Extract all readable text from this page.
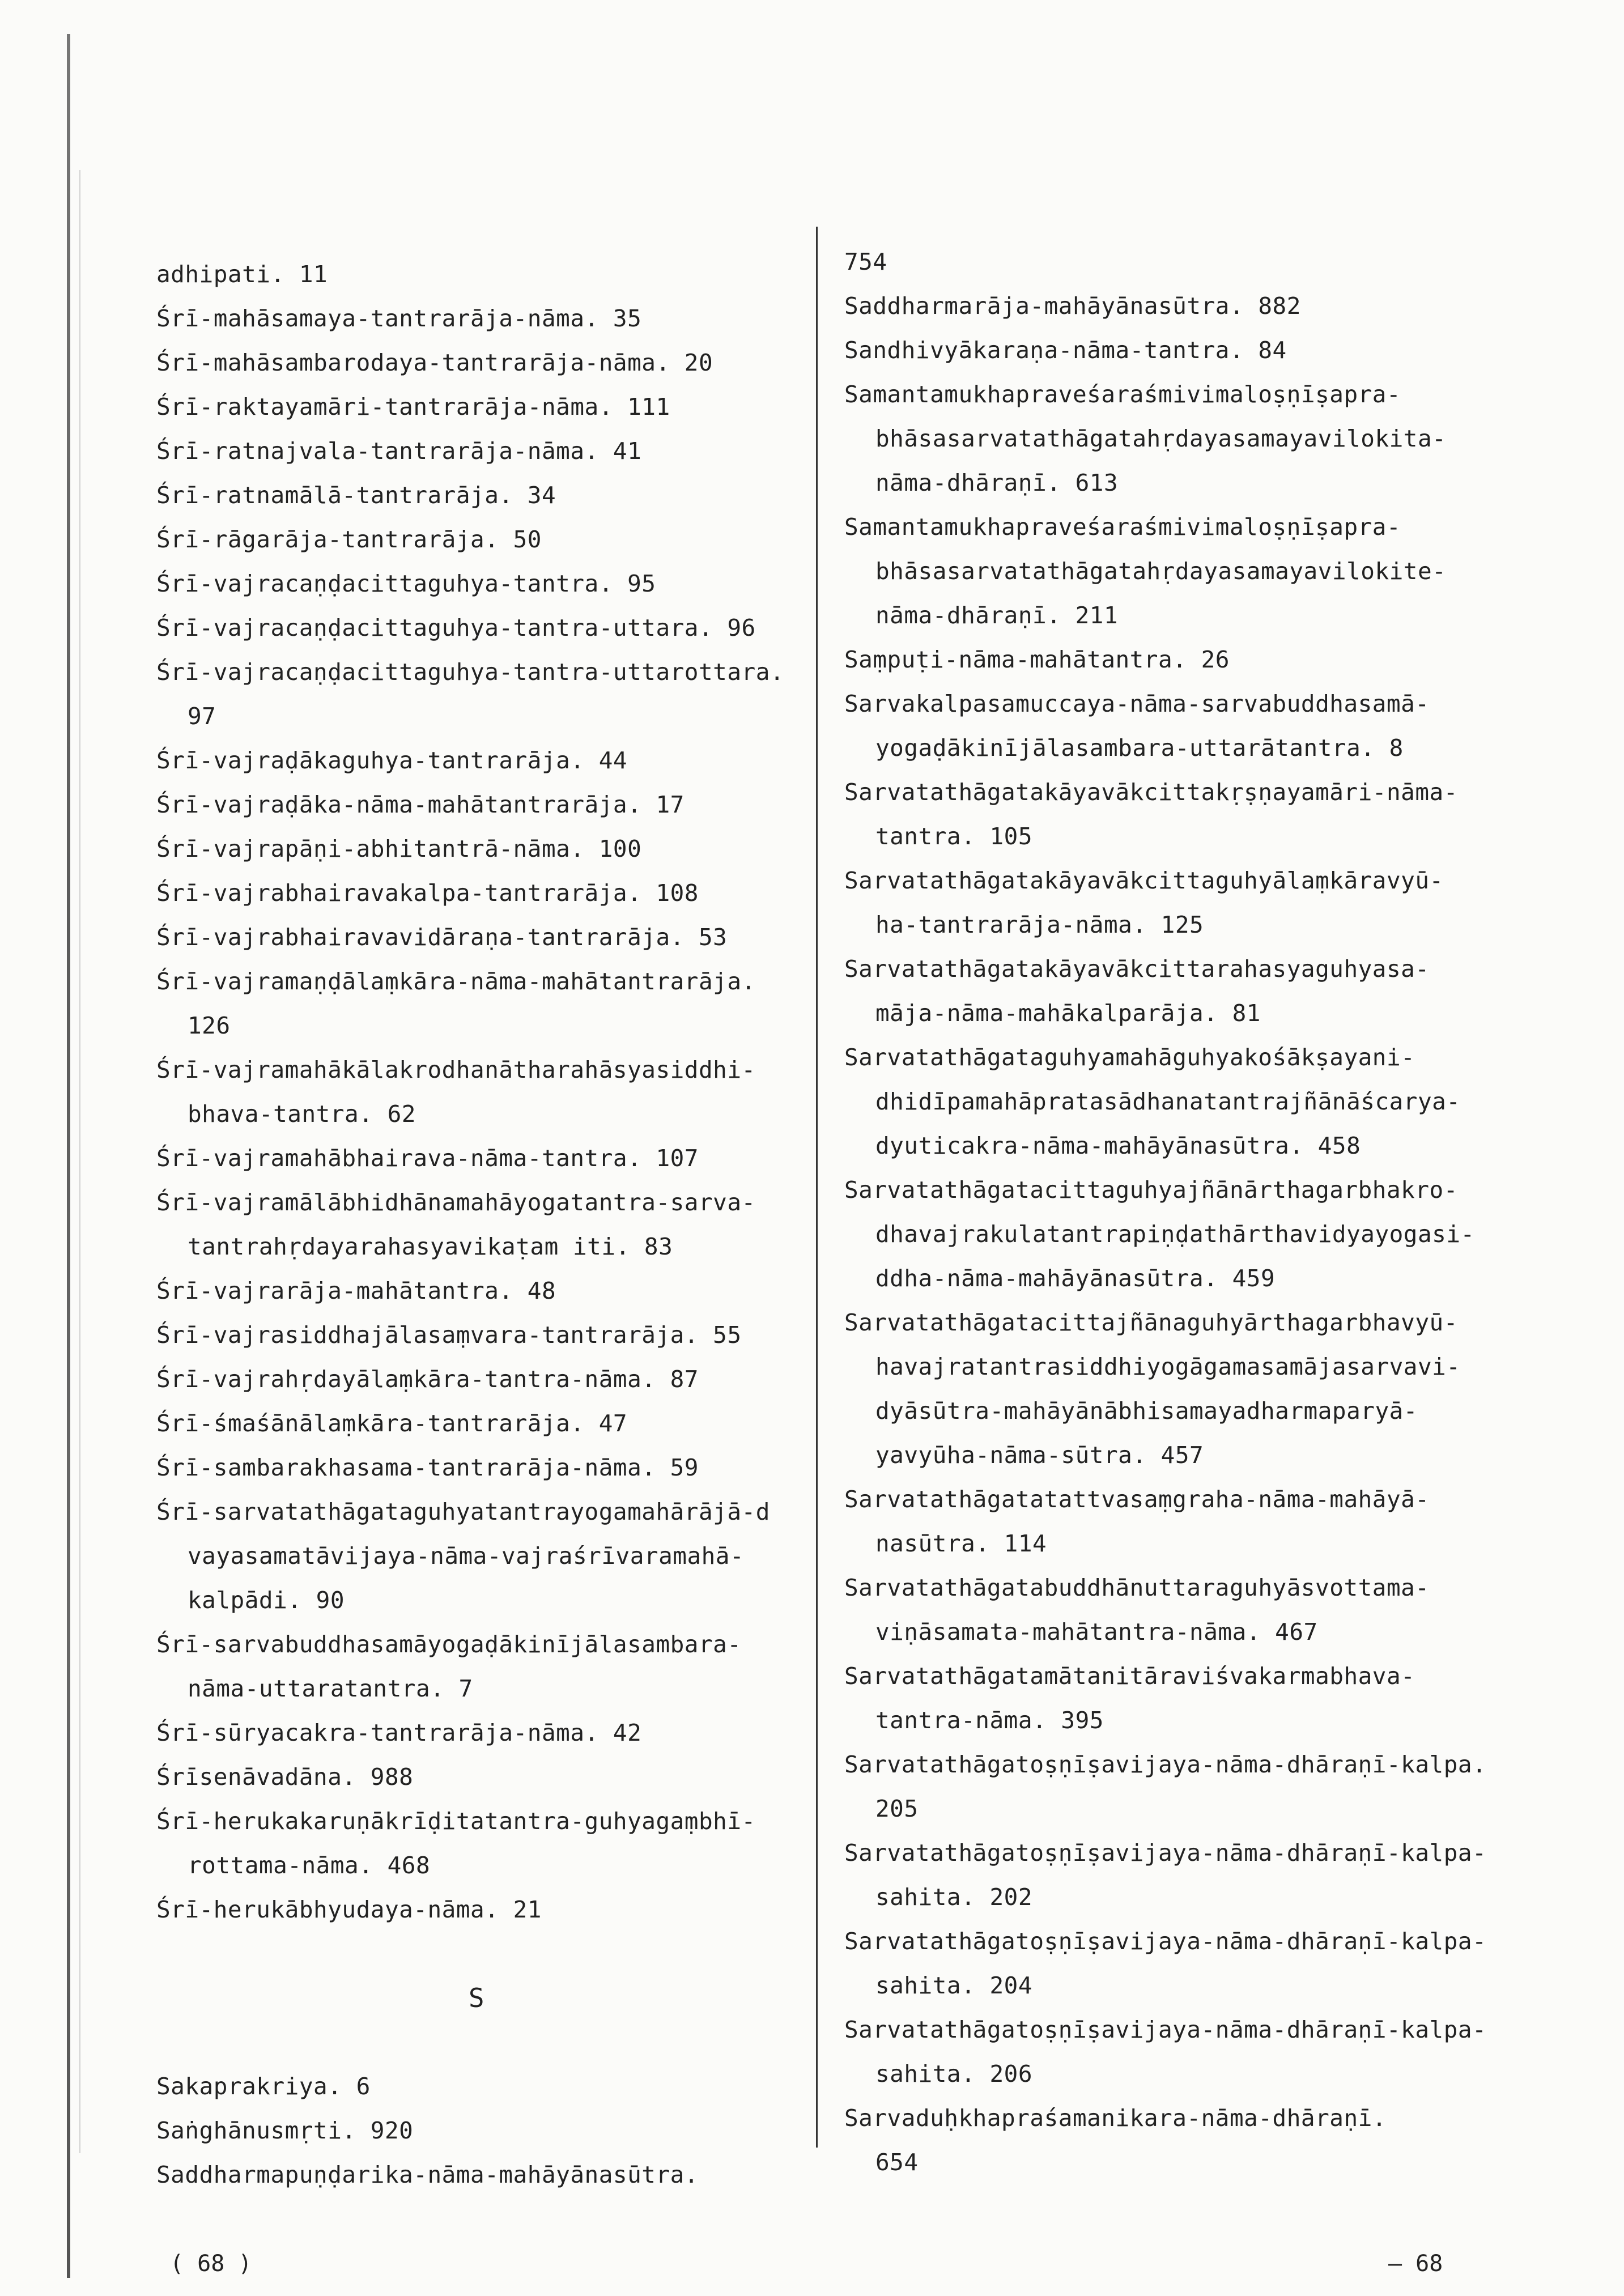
adhipati. 11
Śrī-mahāsamaya-tantrarāja-nāma. 35
Śrī-mahāsambarodaya-tantrarāja-nāma. 20
Śrī-raktayamāri-tantrarāja-nāma. 111
Śrī-ratnajvala-tantrarāja-nāma. 41
Śrī-ratnamālā-tantrarāja. 34
Śrī-rāgarāja-tantrarāja. 50
Śrī-vajracaṇḍacittaguhya-tantra. 95
Śrī-vajracaṇḍacittaguhya-tantra-uttara. 96
Śrī-vajracaṇḍacittaguhya-tantra-uttarottara.
97
Śrī-vajraḍākaguhya-tantrarāja. 44
Śrī-vajraḍāka-nāma-mahātantrarāja. 17
Śrī-vajrapāṇi-abhitantrā-nāma. 100
Śrī-vajrabhairavakalpa-tantrarāja. 108
Śrī-vajrabhairavavidāraṇa-tantrarāja. 53
Śrī-vajramaṇḍālaṃkāra-nāma-mahātantrarāja.
126
Śrī-vajramahākālakrodhanātharahāsyasiddhi-
bhava-tantra. 62
Śrī-vajramahābhairava-nāma-tantra. 107
Śrī-vajramālābhidhānamahāyogatantra-sarva-
tantrahṛdayarahasyavikaṭam iti. 83
Śrī-vajrarāja-mahātantra. 48
Śrī-vajrasiddhajālasaṃvara-tantrarāja. 55
Śrī-vajrahṛdayālaṃkāra-tantra-nāma. 87
Śrī-śmaśānālaṃkāra-tantrarāja. 47
Śrī-sambarakhasama-tantrarāja-nāma. 59
Śrī-sarvatathāgataguhyatantrayogamahārājā-d
vayasamatāvijaya-nāma-vajraśrīvaramahā-
kalpādi. 90
Śrī-sarvabuddhasamāyogaḍākinījālasambara-
nāma-uttaratantra. 7
Śrī-sūryacakra-tantrarāja-nāma. 42
Śrīsenāvadāna. 988
Śrī-herukakaruṇākrīḍitatantra-guhyagaṃbhī-
rottama-nāma. 468
Śrī-herukābhyudaya-nāma. 21
S
Sakaprakriya. 6
Saṅghānusmṛti. 920
Saddharmapuṇḍarika-nāma-mahāyānasūtra.
754
Saddharmarāja-mahāyānasūtra. 882
Sandhivyākaraṇa-nāma-tantra. 84
Samantamukhapraveśaraśmivimaloṣṇīṣapra-
bhāsasarvatathāgatahṛdayasamayavilokita-
nāma-dhāraṇī. 613
Samantamukhapraveśaraśmivimaloṣṇīṣapra-
bhāsasarvatathāgatahṛdayasamayavilokite-
nāma-dhāraṇī. 211
Saṃpuṭi-nāma-mahātantra. 26
Sarvakalpasamuccaya-nāma-sarvabuddhasamā-
yogaḍākinījālasambara-uttarātantra. 8
Sarvatathāgatakāyavākcittakṛṣṇayamāri-nāma-
tantra. 105
Sarvatathāgatakāyavākcittaguhyālaṃkāravyū-
ha-tantrarāja-nāma. 125
Sarvatathāgatakāyavākcittarahasyaguhyasa-
māja-nāma-mahākalparāja. 81
Sarvatathāgataguhyamahāguhyakośākṣayani-
dhidīpamahāpratasādhanatantrajñānāścarya-
dyuticakra-nāma-mahāyānasūtra. 458
Sarvatathāgatacittaguhyajñānārthagarbhakro-
dhavajrakulatantrapiṇḍathārthavidyayogasi-
ddha-nāma-mahāyānasūtra. 459
Sarvatathāgatacittajñānaguhyārthagarbhavyū-
havajratantrasiddhiyogāgamasamājasarvavi-
dyāsūtra-mahāyānābhisamayadharmaparyā-
yavyūha-nāma-sūtra. 457
Sarvatathāgatatattvasaṃgraha-nāma-mahāyā-
nasūtra. 114
Sarvatathāgatabuddhānuttaraguhyāsvottama-
viṇāsamata-mahātantra-nāma. 467
Sarvatathāgatamātanitāraviśvakarmabhava-
tantra-nāma. 395
Sarvatathāgatoṣṇīṣavijaya-nāma-dhāraṇī-kalpa.
205
Sarvatathāgatoṣṇīṣavijaya-nāma-dhāraṇī-kalpa-
sahita. 202
Sarvatathāgatoṣṇīṣavijaya-nāma-dhāraṇī-kalpa-
sahita. 204
Sarvatathāgatoṣṇīṣavijaya-nāma-dhāraṇī-kalpa-
sahita. 206
Sarvaduḥkhapraśamanikara-nāma-dhāraṇī.
654
( 68 )	— 68
